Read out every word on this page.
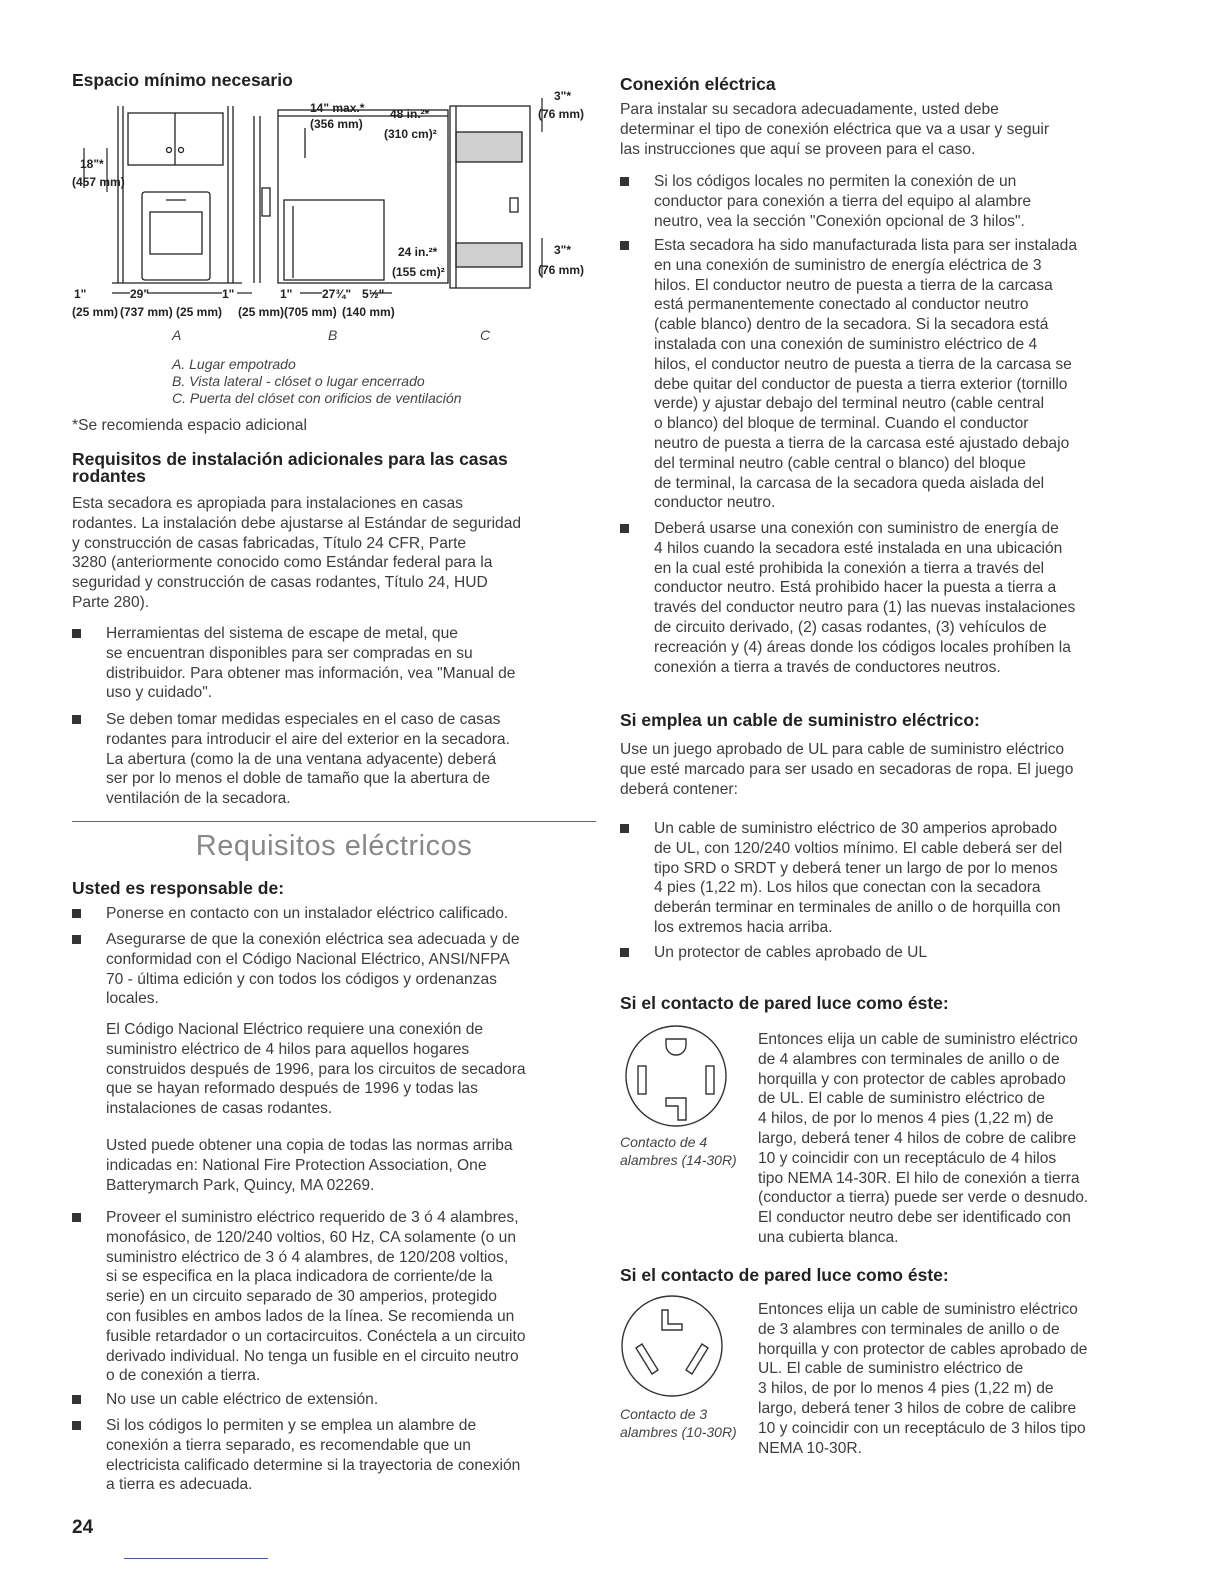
Espacio mínimo necesario
18"*
(457 mm)
14" max.*
(356 mm)
48 in.²*
(310 cm)²
24 in.²*
(155 cm)²
3"*
(76 mm)
3"*
(76 mm)
1"
(25 mm)
29"
(737 mm)
1"
(25 mm)
1"
(25 mm)
27¾"
(705 mm)
5½"
(140 mm)
A	B	C
A. Lugar empotrado
B. Vista lateral - clóset o lugar encerrado
C. Puerta del clóset con orificios de ventilación
*Se recomienda espacio adicional
Requisitos de instalación adicionales para las casas
rodantes
Esta secadora es apropiada para instalaciones en casas
rodantes. La instalación debe ajustarse al Estándar de seguridad
y construcción de casas fabricadas, Título 24 CFR, Parte
3280 (anteriormente conocido como Estándar federal para la
seguridad y construcción de casas rodantes, Título 24, HUD
Parte 280).
Herramientas del sistema de escape de metal, que
se encuentran disponibles para ser compradas en su
distribuidor. Para obtener mas información, vea "Manual de
uso y cuidado".
Se deben tomar medidas especiales en el caso de casas
rodantes para introducir el aire del exterior en la secadora.
La abertura (como la de una ventana adyacente) deberá
ser por lo menos el doble de tamaño que la abertura de
ventilación de la secadora.
Requisitos eléctricos
Usted es responsable de:
Ponerse en contacto con un instalador eléctrico calificado.
Asegurarse de que la conexión eléctrica sea adecuada y de
conformidad con el Código Nacional Eléctrico, ANSI/NFPA
70 - última edición y con todos los códigos y ordenanzas
locales.
El Código Nacional Eléctrico requiere una conexión de
suministro eléctrico de 4 hilos para aquellos hogares
construidos después de 1996, para los circuitos de secadora
que se hayan reformado después de 1996 y todas las
instalaciones de casas rodantes.
Usted puede obtener una copia de todas las normas arriba
indicadas en: National Fire Protection Association, One
Batterymarch Park, Quincy, MA 02269.
Proveer el suministro eléctrico requerido de 3 ó 4 alambres,
monofásico, de 120/240 voltios, 60 Hz, CA solamente (o un
suministro eléctrico de 3 ó 4 alambres, de 120/208 voltios,
si se especifica en la placa indicadora de corriente/de la
serie) en un circuito separado de 30 amperios, protegido
con fusibles en ambos lados de la línea. Se recomienda un
fusible retardador o un cortacircuitos. Conéctela a un circuito
derivado individual. No tenga un fusible en el circuito neutro
o de conexión a tierra.
No use un cable eléctrico de extensión.
Si los códigos lo permiten y se emplea un alambre de
conexión a tierra separado, es recomendable que un
electricista calificado determine si la trayectoria de conexión
a tierra es adecuada.
24
Conexión eléctrica
Para instalar su secadora adecuadamente, usted debe
determinar el tipo de conexión eléctrica que va a usar y seguir
las instrucciones que aquí se proveen para el caso.
Si los códigos locales no permiten la conexión de un
conductor para conexión a tierra del equipo al alambre
neutro, vea la sección "Conexión opcional de 3 hilos".
Esta secadora ha sido manufacturada lista para ser instalada
en una conexión de suministro de energía eléctrica de 3
hilos. El conductor neutro de puesta a tierra de la carcasa
está permanentemente conectado al conductor neutro
(cable blanco) dentro de la secadora. Si la secadora está
instalada con una conexión de suministro eléctrico de 4
hilos, el conductor neutro de puesta a tierra de la carcasa se
debe quitar del conductor de puesta a tierra exterior (tornillo
verde) y ajustar debajo del terminal neutro (cable central
o blanco) del bloque de terminal. Cuando el conductor
neutro de puesta a tierra de la carcasa esté ajustado debajo
del terminal neutro (cable central o blanco) del bloque
de terminal, la carcasa de la secadora queda aislada del
conductor neutro.
Deberá usarse una conexión con suministro de energía de
4 hilos cuando la secadora esté instalada en una ubicación
en la cual esté prohibida la conexión a tierra a través del
conductor neutro. Está prohibido hacer la puesta a tierra a
través del conductor neutro para (1) las nuevas instalaciones
de circuito derivado, (2) casas rodantes, (3) vehículos de
recreación y (4) áreas donde los códigos locales prohíben la
conexión a tierra a través de conductores neutros.
Si emplea un cable de suministro eléctrico:
Use un juego aprobado de UL para cable de suministro eléctrico
que esté marcado para ser usado en secadoras de ropa. El juego
deberá contener:
Un cable de suministro eléctrico de 30 amperios aprobado
de UL, con 120/240 voltios mínimo. El cable deberá ser del
tipo SRD o SRDT y deberá tener un largo de por lo menos
4 pies (1,22 m). Los hilos que conectan con la secadora
deberán terminar en terminales de anillo o de horquilla con
los extremos hacia arriba.
Un protector de cables aprobado de UL
Si el contacto de pared luce como éste:
Contacto de 4
alambres (14-30R)
Entonces elija un cable de suministro eléctrico
de 4 alambres con terminales de anillo o de
horquilla y con protector de cables aprobado
de UL. El cable de suministro eléctrico de
4 hilos, de por lo menos 4 pies (1,22 m) de
largo, deberá tener 4 hilos de cobre de calibre
10 y coincidir con un receptáculo de 4 hilos
tipo NEMA 14-30R. El hilo de conexión a tierra
(conductor a tierra) puede ser verde o desnudo.
El conductor neutro debe ser identificado con
una cubierta blanca.
Si el contacto de pared luce como éste:
Contacto de 3
alambres (10-30R)
Entonces elija un cable de suministro eléctrico
de 3 alambres con terminales de anillo o de
horquilla y con protector de cables aprobado de
UL. El cable de suministro eléctrico de
3 hilos, de por lo menos 4 pies (1,22 m) de
largo, deberá tener 3 hilos de cobre de calibre
10 y coincidir con un receptáculo de 3 hilos tipo
NEMA 10-30R.
